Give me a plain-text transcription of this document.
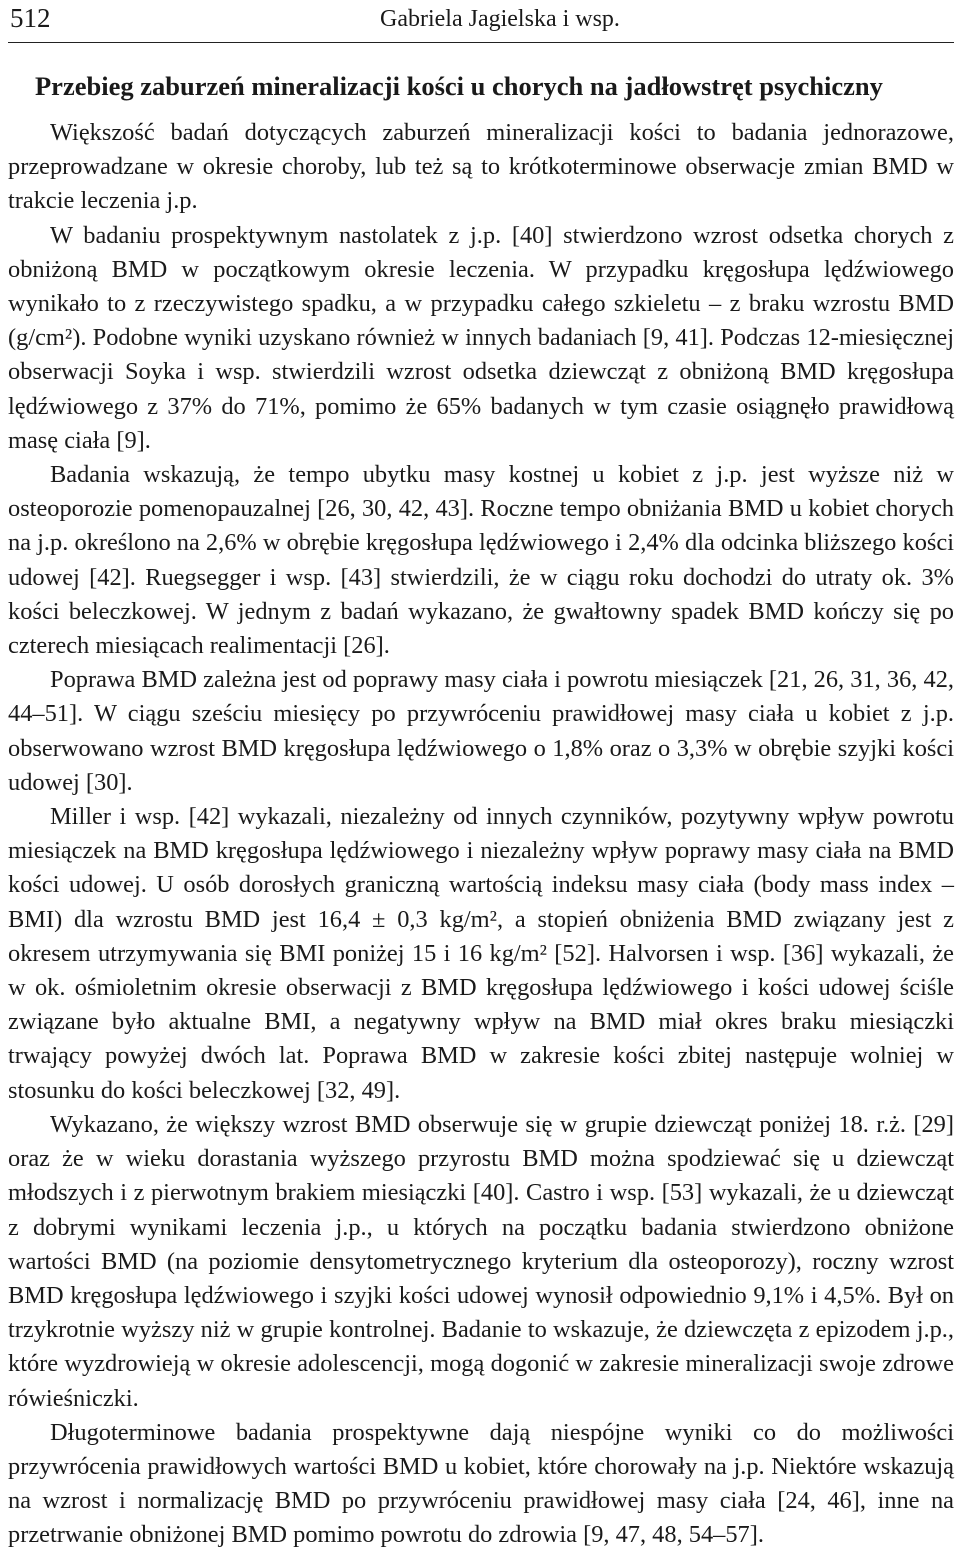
512	Gabriela Jagielska i wsp.
Przebieg zaburzeń mineralizacji kości u chorych na jadłowstręt psychiczny

Większość badań dotyczących zaburzeń mineralizacji kości to badania jednorazowe, przeprowadzane w okresie choroby, lub też są to krótkoterminowe obserwacje zmian BMD w trakcie leczenia j.p.

W badaniu prospektywnym nastolatek z j.p. [40] stwierdzono wzrost odsetka chorych z obniżoną BMD w początkowym okresie leczenia. W przypadku kręgosłupa lędźwiowego wynikało to z rzeczywistego spadku, a w przypadku całego szkieletu – z braku wzrostu BMD (g/cm²). Podobne wyniki uzyskano również w innych badaniach [9, 41]. Podczas 12-miesięcznej obserwacji Soyka i wsp. stwierdzili wzrost odsetka dziewcząt z obniżoną BMD kręgosłupa lędźwiowego z 37% do 71%, pomimo że 65% badanych w tym czasie osiągnęło prawidłową masę ciała [9].

Badania wskazują, że tempo ubytku masy kostnej u kobiet z j.p. jest wyższe niż w osteoporozie pomenopauzalnej [26, 30, 42, 43]. Roczne tempo obniżania BMD u kobiet chorych na j.p. określono na 2,6% w obrębie kręgosłupa lędźwiowego i 2,4% dla odcinka bliższego kości udowej [42]. Ruegsegger i wsp. [43] stwierdzili, że w ciągu roku dochodzi do utraty ok. 3% kości beleczkowej. W jednym z badań wykazano, że gwałtowny spadek BMD kończy się po czterech miesiącach realimentacji [26].

Poprawa BMD zależna jest od poprawy masy ciała i powrotu miesiączek [21, 26, 31, 36, 42, 44–51]. W ciągu sześciu miesięcy po przywróceniu prawidłowej masy ciała u kobiet z j.p. obserwowano wzrost BMD kręgosłupa lędźwiowego o 1,8% oraz o 3,3% w obrębie szyjki kości udowej [30].

Miller i wsp. [42] wykazali, niezależny od innych czynników, pozytywny wpływ powrotu miesiączek na BMD kręgosłupa lędźwiowego i niezależny wpływ poprawy masy ciała na BMD kości udowej. U osób dorosłych graniczną wartością indeksu masy ciała (body mass index – BMI) dla wzrostu BMD jest 16,4 ± 0,3 kg/m², a stopień obniżenia BMD związany jest z okresem utrzymywania się BMI poniżej 15 i 16 kg/m² [52]. Halvorsen i wsp. [36] wykazali, że w ok. ośmioletnim okresie obserwacji z BMD kręgosłupa lędźwiowego i kości udowej ściśle związane było aktualne BMI, a negatywny wpływ na BMD miał okres braku miesiączki trwający powyżej dwóch lat. Poprawa BMD w zakresie kości zbitej następuje wolniej w stosunku do kości beleczkowej [32, 49].

Wykazano, że większy wzrost BMD obserwuje się w grupie dziewcząt poniżej 18. r.ż. [29] oraz że w wieku dorastania wyższego przyrostu BMD można spodziewać się u dziewcząt młodszych i z pierwotnym brakiem miesiączki [40]. Castro i wsp. [53] wykazali, że u dziewcząt z dobrymi wynikami leczenia j.p., u których na początku badania stwierdzono obniżone wartości BMD (na poziomie densytometrycznego kryterium dla osteoporozy), roczny wzrost BMD kręgosłupa lędźwiowego i szyjki kości udowej wynosił odpowiednio 9,1% i 4,5%. Był on trzykrotnie wyższy niż w grupie kontrolnej. Badanie to wskazuje, że dziewczęta z epizodem j.p., które wyzdrowieją w okresie adolescencji, mogą dogonić w zakresie mineralizacji swoje zdrowe rówieśniczki.

Długoterminowe badania prospektywne dają niespójne wyniki co do możliwości przywrócenia prawidłowych wartości BMD u kobiet, które chorowały na j.p. Niektóre wskazują na wzrost i normalizację BMD po przywróceniu prawidłowej masy ciała [24, 46], inne na przetrwanie obniżonej BMD pomimo powrotu do zdrowia [9, 47, 48, 54–57].
